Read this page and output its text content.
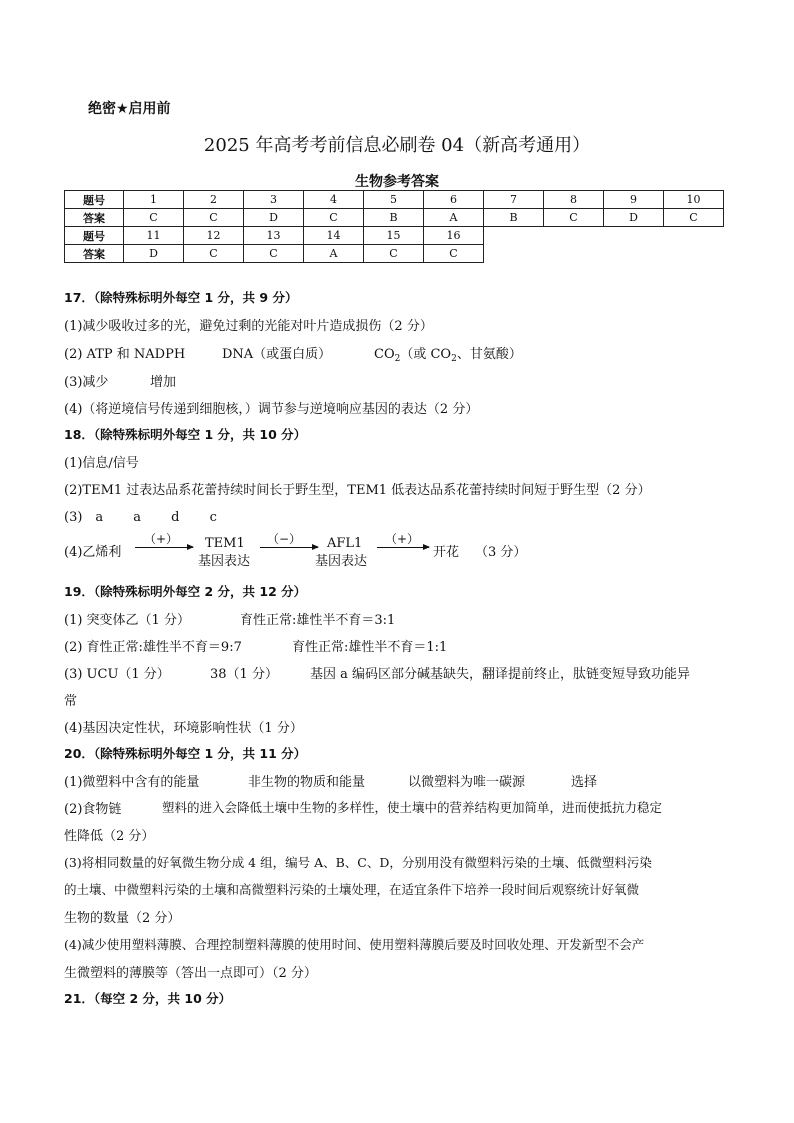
绝密★启用前
2025 年高考考前信息必刷卷 04（新高考通用）
生物参考答案
题号	1	2	3	4	5	6	7	8	9	10
答案	C	C	D	C	B	A	B	C	D	C
题号	11	12	13	14	15	16				
答案	D	C	C	A	C	C				
17．（除特殊标明外每空 1 分，共 9 分）
(1)减少吸收过多的光，避免过剩的光能对叶片造成损伤（2 分）
(2) ATP 和 NADPH	DNA（或蛋白质）	$CO_2$（或 $CO_2$、甘氨酸）
(3)减少	增加
(4)（将逆境信号传递到细胞核，）调节参与逆境响应基因的表达（2 分）
18．（除特殊标明外每空 1 分，共 10 分）
(1)信息/信号
(2)TEM1 过表达品系花蕾持续时间长于野生型，TEM1 低表达品系花蕾持续时间短于野生型（2 分）
(3)　a　　 a　　 d　　 c
(4)乙烯利
（+） TEM1
基因表达
（−） AFL1
基因表达
（+）
开花 （3 分）
19．（除特殊标明外每空 2 分，共 12 分）
(1) 突变体乙（1 分）	育性正常:雄性半不育＝3:1
(2) 育性正常:雄性半不育＝9:7	育性正常:雄性半不育＝1:1
(3) UCU（1 分）	38（1 分） 基因 a 编码区部分碱基缺失，翻译提前终止，肽链变短导致功能异
常
(4)基因决定性状，环境影响性状（1 分）
20．（除特殊标明外每空 1 分，共 11 分）
(1)微塑料中含有的能量	非生物的物质和能量	以微塑料为唯一碳源	选择
(2)食物链	塑料的进入会降低土壤中生物的多样性，使土壤中的营养结构更加简单，进而使抵抗力稳定
性降低（2 分）
(3)将相同数量的好氧微生物分成 4 组，编号 A、B、C、D，分别用没有微塑料污染的土壤、低微塑料污染
的土壤、中微塑料污染的土壤和高微塑料污染的土壤处理，在适宜条件下培养一段时间后观察统计好氧微
生物的数量（2 分）
(4)减少使用塑料薄膜、合理控制塑料薄膜的使用时间、使用塑料薄膜后要及时回收处理、开发新型不会产
生微塑料的薄膜等（答出一点即可）（2 分）
21．（每空 2 分，共 10 分）
